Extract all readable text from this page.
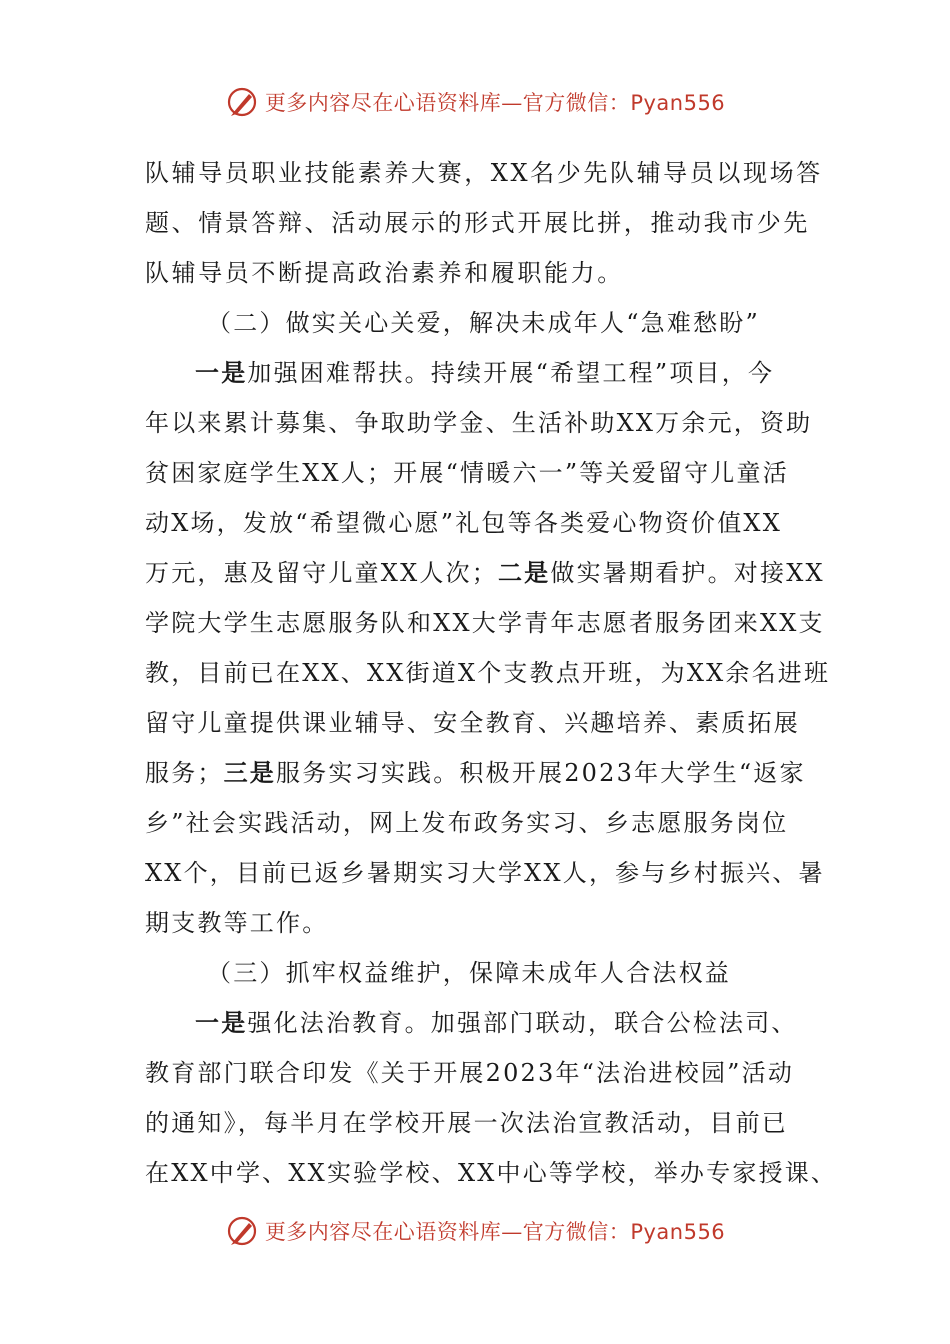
更多内容尽在心语资料库—官方微信：Pyan556
队辅导员职业技能素养大赛，XX名少先队辅导员以现场答
题、情景答辩、活动展示的形式开展比拼，推动我市少先
队辅导员不断提高政治素养和履职能力。
（二）做实关心关爱，解决未成年人“急难愁盼”
一是加强困难帮扶。持续开展“希望工程”项目，今
年以来累计募集、争取助学金、生活补助XX万余元，资助
贫困家庭学生XX人；开展“情暖六一”等关爱留守儿童活
动X场，发放“希望微心愿”礼包等各类爱心物资价值XX
万元，惠及留守儿童XX人次；二是做实暑期看护。对接XX
学院大学生志愿服务队和XX大学青年志愿者服务团来XX支
教，目前已在XX、XX街道X个支教点开班，为XX余名进班
留守儿童提供课业辅导、安全教育、兴趣培养、素质拓展
服务；三是服务实习实践。积极开展2023年大学生“返家
乡”社会实践活动，网上发布政务实习、乡志愿服务岗位
XX个，目前已返乡暑期实习大学XX人，参与乡村振兴、暑
期支教等工作。
（三）抓牢权益维护，保障未成年人合法权益
一是强化法治教育。加强部门联动，联合公检法司、
教育部门联合印发《关于开展2023年“法治进校园”活动
的通知》，每半月在学校开展一次法治宣教活动，目前已
在XX中学、XX实验学校、XX中心等学校，举办专家授课、
更多内容尽在心语资料库—官方微信：Pyan556
